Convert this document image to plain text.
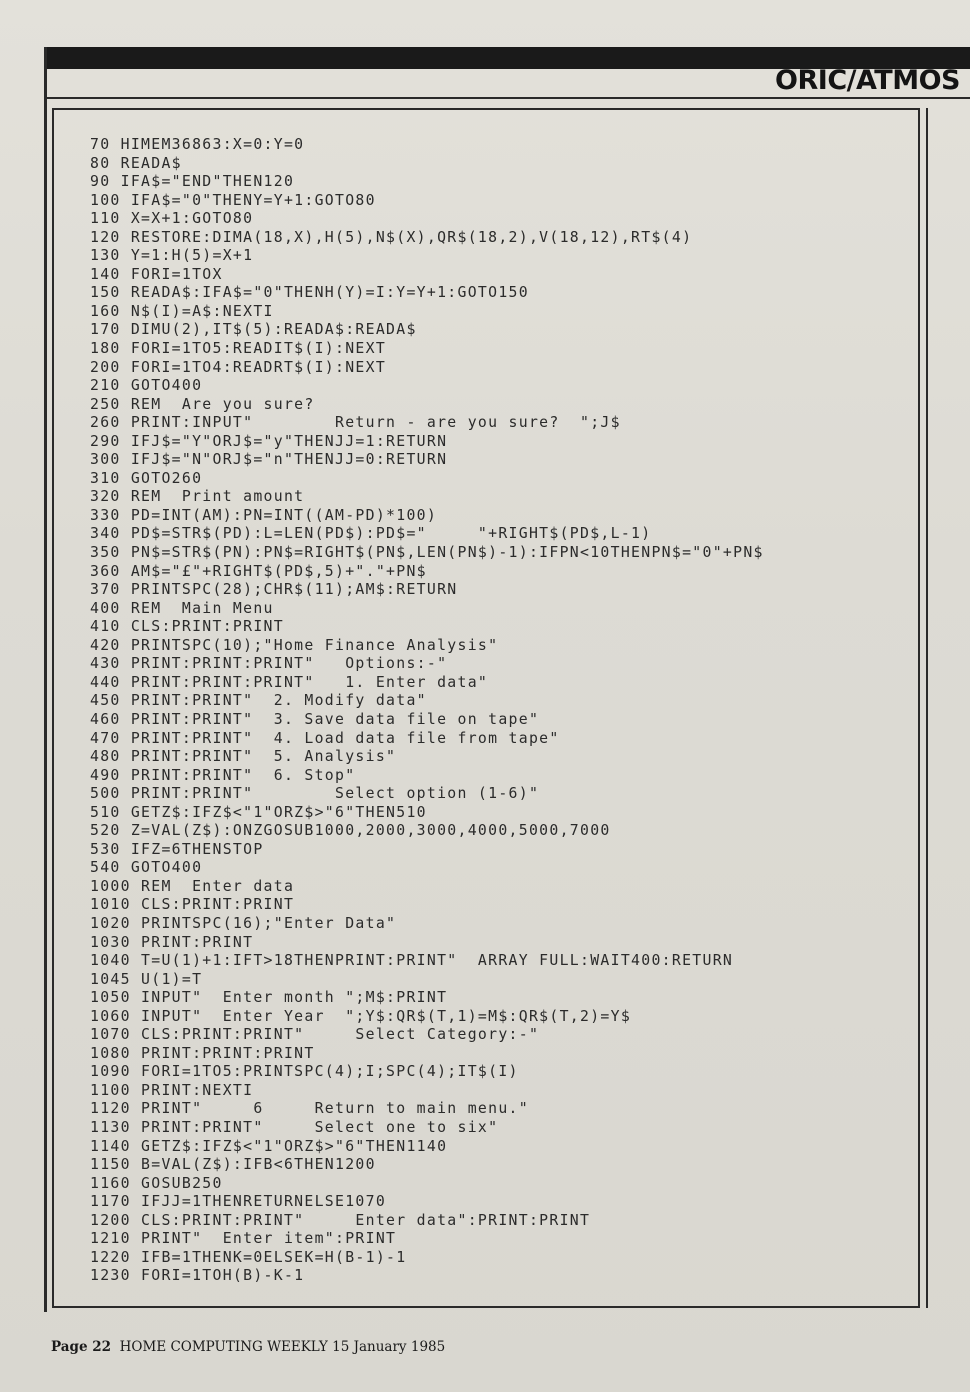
ORIC/ATMOS
70 HIMEM36863:X=0:Y=0
80 READA$
90 IFA$="END"THEN120
100 IFA$="0"THENY=Y+1:GOTO80
110 X=X+1:GOTO80
120 RESTORE:DIMA(18,X),H(5),N$(X),QR$(18,2),V(18,12),RT$(4)
130 Y=1:H(5)=X+1
140 FORI=1TOX
150 READA$:IFA$="0"THENH(Y)=I:Y=Y+1:GOTO150
160 N$(I)=A$:NEXTI
170 DIMU(2),IT$(5):READA$:READA$
180 FORI=1TO5:READIT$(I):NEXT
200 FORI=1TO4:READRT$(I):NEXT
210 GOTO400
250 REM  Are you sure?
260 PRINT:INPUT"        Return - are you sure?  ";J$
290 IFJ$="Y"ORJ$="y"THENJJ=1:RETURN
300 IFJ$="N"ORJ$="n"THENJJ=0:RETURN
310 GOTO260
320 REM  Print amount
330 PD=INT(AM):PN=INT((AM-PD)*100)
340 PD$=STR$(PD):L=LEN(PD$):PD$="     "+RIGHT$(PD$,L-1)
350 PN$=STR$(PN):PN$=RIGHT$(PN$,LEN(PN$)-1):IFPN<10THENPN$="0"+PN$
360 AM$="£"+RIGHT$(PD$,5)+"."+PN$
370 PRINTSPC(28);CHR$(11);AM$:RETURN
400 REM  Main Menu
410 CLS:PRINT:PRINT
420 PRINTSPC(10);"Home Finance Analysis"
430 PRINT:PRINT:PRINT"   Options:-"
440 PRINT:PRINT:PRINT"   1. Enter data"
450 PRINT:PRINT"  2. Modify data"
460 PRINT:PRINT"  3. Save data file on tape"
470 PRINT:PRINT"  4. Load data file from tape"
480 PRINT:PRINT"  5. Analysis"
490 PRINT:PRINT"  6. Stop"
500 PRINT:PRINT"        Select option (1-6)"
510 GETZ$:IFZ$<"1"ORZ$>"6"THEN510
520 Z=VAL(Z$):ONZGOSUB1000,2000,3000,4000,5000,7000
530 IFZ=6THENSTOP
540 GOTO400
1000 REM  Enter data
1010 CLS:PRINT:PRINT
1020 PRINTSPC(16);"Enter Data"
1030 PRINT:PRINT
1040 T=U(1)+1:IFT>18THENPRINT:PRINT"  ARRAY FULL:WAIT400:RETURN
1045 U(1)=T
1050 INPUT"  Enter month ";M$:PRINT
1060 INPUT"  Enter Year  ";Y$:QR$(T,1)=M$:QR$(T,2)=Y$
1070 CLS:PRINT:PRINT"     Select Category:-"
1080 PRINT:PRINT:PRINT
1090 FORI=1TO5:PRINTSPC(4);I;SPC(4);IT$(I)
1100 PRINT:NEXTI
1120 PRINT"     6     Return to main menu."
1130 PRINT:PRINT"     Select one to six"
1140 GETZ$:IFZ$<"1"ORZ$>"6"THEN1140
1150 B=VAL(Z$):IFB<6THEN1200
1160 GOSUB250
1170 IFJJ=1THENRETURNELSE1070
1200 CLS:PRINT:PRINT"     Enter data":PRINT:PRINT
1210 PRINT"  Enter item":PRINT
1220 IFB=1THENK=0ELSEK=H(B-1)-1
1230 FORI=1TOH(B)-K-1
Page 22 HOME COMPUTING WEEKLY 15 January 1985
